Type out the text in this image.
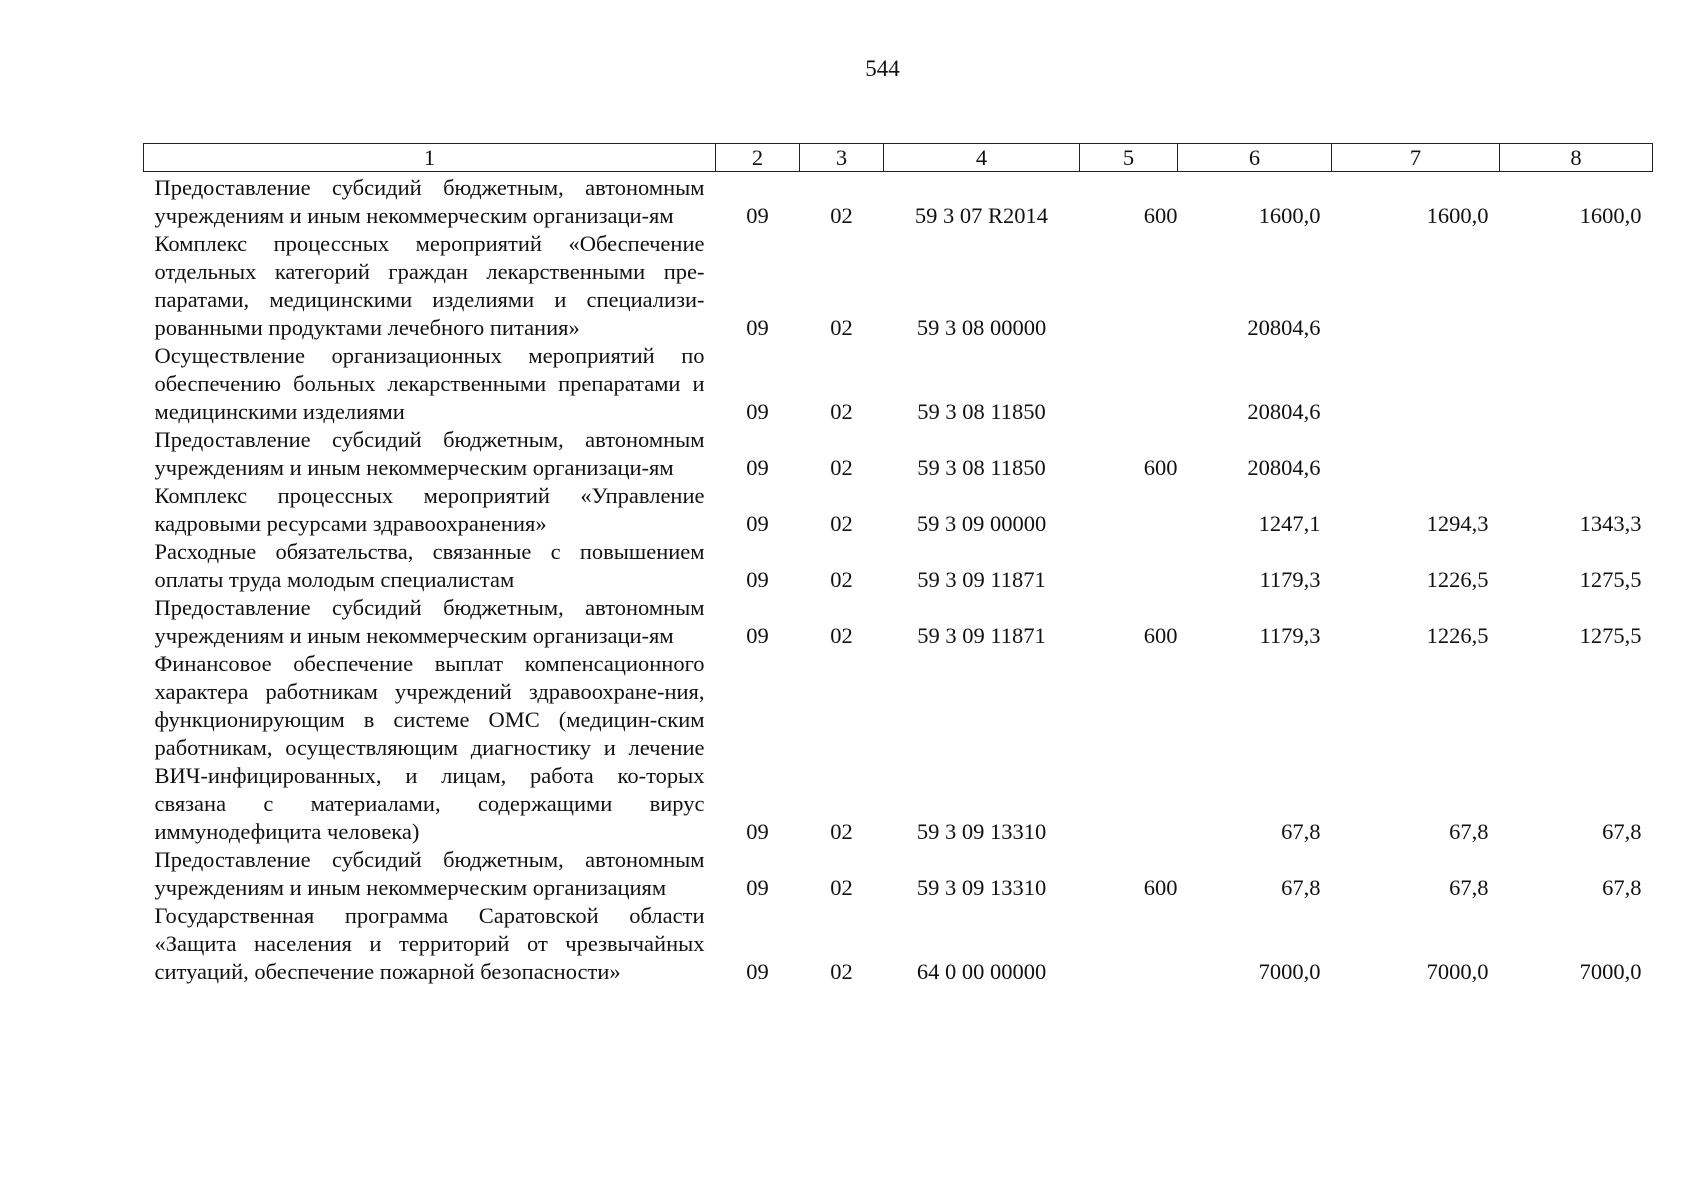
544
1	2	3	4	5	6	7	8
Предоставление субсидий бюджетным, автономным учреждениям и иным некоммерческим организаци-ям	09	02	59 3 07 R2014	600	1600,0	1600,0	1600,0
Комплекс процессных мероприятий «Обеспечение отдельных категорий граждан лекарственными пре-паратами, медицинскими изделиями и специализи-рованными продуктами лечебного питания»	09	02	59 3 08 00000		20804,6		
Осуществление организационных мероприятий по обеспечению больных лекарственными препаратами и медицинскими изделиями	09	02	59 3 08 11850		20804,6		
Предоставление субсидий бюджетным, автономным учреждениям и иным некоммерческим организаци-ям	09	02	59 3 08 11850	600	20804,6		
Комплекс процессных мероприятий «Управление кадровыми ресурсами здравоохранения»	09	02	59 3 09 00000		1247,1	1294,3	1343,3
Расходные обязательства, связанные с повышением оплаты труда молодым специалистам	09	02	59 3 09 11871		1179,3	1226,5	1275,5
Предоставление субсидий бюджетным, автономным учреждениям и иным некоммерческим организаци-ям	09	02	59 3 09 11871	600	1179,3	1226,5	1275,5
Финансовое обеспечение выплат компенсационного характера работникам учреждений здравоохране-ния, функционирующим в системе ОМС (медицин-ским работникам, осуществляющим диагностику и лечение ВИЧ-инфицированных, и лицам, работа ко-торых связана с материалами, содержащими вирус иммунодефицита человека)	09	02	59 3 09 13310		67,8	67,8	67,8
Предоставление субсидий бюджетным, автономным учреждениям и иным некоммерческим организациям	09	02	59 3 09 13310	600	67,8	67,8	67,8
Государственная программа Саратовской области «Защита населения и территорий от чрезвычайных ситуаций, обеспечение пожарной безопасности»	09	02	64 0 00 00000		7000,0	7000,0	7000,0
